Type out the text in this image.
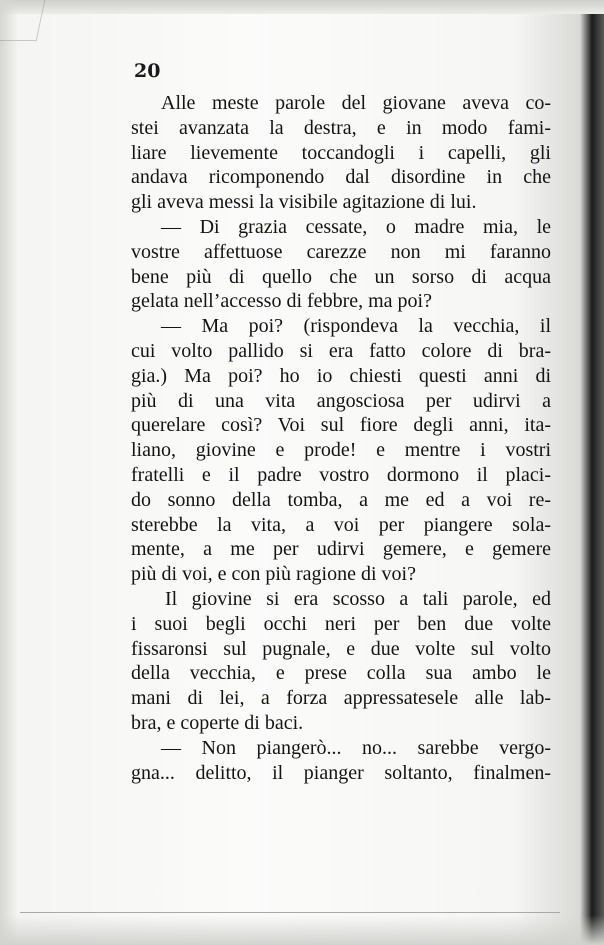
20
Alle meste parole del giovane aveva co-
stei avanzata la destra, e in modo fami-
liare lievemente toccandogli i capelli, gli
andava ricomponendo dal disordine in che
gli aveva messi la visibile agitazione di lui.
— Di grazia cessate, o madre mia, le
vostre affettuose carezze non mi faranno
bene più di quello che un sorso di acqua
gelata nell’accesso di febbre, ma poi?
— Ma poi? (rispondeva la vecchia, il
cui volto pallido si era fatto colore di bra-
gia.) Ma poi? ho io chiesti questi anni di
più di una vita angosciosa per udirvi a
querelare così? Voi sul fiore degli anni, ita-
liano, giovine e prode! e mentre i vostri
fratelli e il padre vostro dormono il placi-
do sonno della tomba, a me ed a voi re-
sterebbe la vita, a voi per piangere sola-
mente, a me per udirvi gemere, e gemere
più di voi, e con più ragione di voi?
Il giovine si era scosso a tali parole, ed
i suoi begli occhi neri per ben due volte
fissaronsi sul pugnale, e due volte sul volto
della vecchia, e prese colla sua ambo le
mani di lei, a forza appressatesele alle lab-
bra, e coperte di baci.
— Non piangerò... no... sarebbe vergo-
gna... delitto, il pianger soltanto, finalmen-
